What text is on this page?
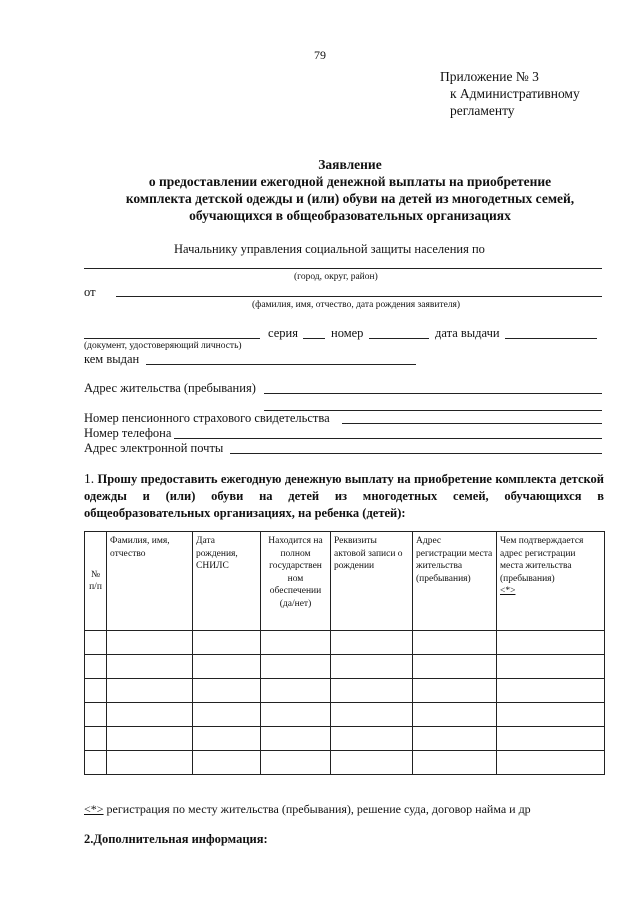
79
Приложение № 3
к Административному
регламенту
Заявление
о предоставлении ежегодной денежной выплаты на приобретение
комплекта детской одежды и (или) обуви на детей из многодетных семей,
обучающихся в общеобразовательных организациях
Начальнику управления социальной защиты населения по
(город, округ, район)
от
(фамилия, имя, отчество, дата рождения заявителя)
серия	номер	дата выдачи
(документ, удостоверяющий личность)
кем выдан
Адрес жительства (пребывания)
Номер пенсионного страхового свидетельства
Номер телефона
Адрес электронной почты
1. Прошу предоставить ежегодную денежную выплату на приобретение комплекта детской одежды и (или) обуви на детей из многодетных семей, обучающихся в общеобразовательных организациях, на ребенка (детей):
№ п/п	Фамилия, имя, отчество	Дата рождения, СНИЛС	Находится на полном государствен ном обеспечении (да/нет)	Реквизиты актовой записи о рождении	Адрес регистрации места жительства (пребывания)	Чем подтверждается адрес регистрации места жительства (пребывания)
<*>

<*> регистрация по месту жительства (пребывания), решение суда, договор найма и др
2.Дополнительная информация:
